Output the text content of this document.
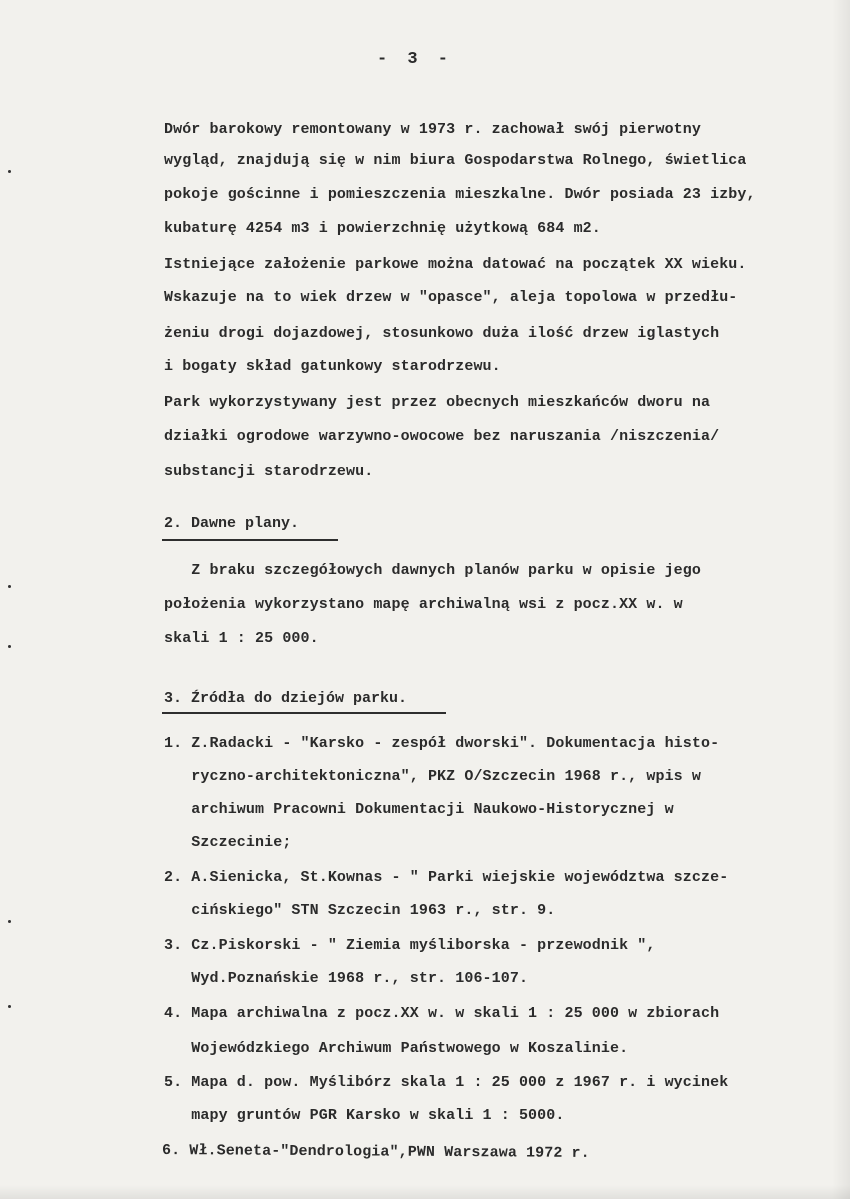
- 3 -
Dwór barokowy remontowany w 1973 r. zachował swój pierwotny
wygląd, znajdują się w nim biura Gospodarstwa Rolnego, świetlica
pokoje gościnne i pomieszczenia mieszkalne. Dwór posiada 23 izby,
kubaturę 4254 m3 i powierzchnię użytkową 684 m2.
Istniejące założenie parkowe można datować na początek XX wieku.
Wskazuje na to wiek drzew w "opasce", aleja topolowa w przedłu-
żeniu drogi dojazdowej, stosunkowo duża ilość drzew iglastych
i bogaty skład gatunkowy starodrzewu.
Park wykorzystywany jest przez obecnych mieszkańców dworu na
działki ogrodowe warzywno-owocowe bez naruszania /niszczenia/
substancji starodrzewu.
2. Dawne plany.
Z braku szczegółowych dawnych planów parku w opisie jego
położenia wykorzystano mapę archiwalną wsi z pocz.XX w. w
skali 1 : 25 000.
3. Źródła do dziejów parku.
1. Z.Radacki - "Karsko - zespół dworski". Dokumentacja histo-
ryczno-architektoniczna", PKZ O/Szczecin 1968 r., wpis w
archiwum Pracowni Dokumentacji Naukowo-Historycznej w
Szczecinie;
2. A.Sienicka, St.Kownas - " Parki wiejskie województwa szcze-
cińskiego" STN Szczecin 1963 r., str. 9.
3. Cz.Piskorski - " Ziemia myśliborska - przewodnik ",
Wyd.Poznańskie 1968 r., str. 106-107.
4. Mapa archiwalna z pocz.XX w. w skali 1 : 25 000 w zbiorach
Wojewódzkiego Archiwum Państwowego w Koszalinie.
5. Mapa d. pow. Myślibórz skala 1 : 25 000 z 1967 r. i wycinek
mapy gruntów PGR Karsko w skali 1 : 5000.
6. Wł.Seneta-"Dendrologia",PWN Warszawa 1972 r.
